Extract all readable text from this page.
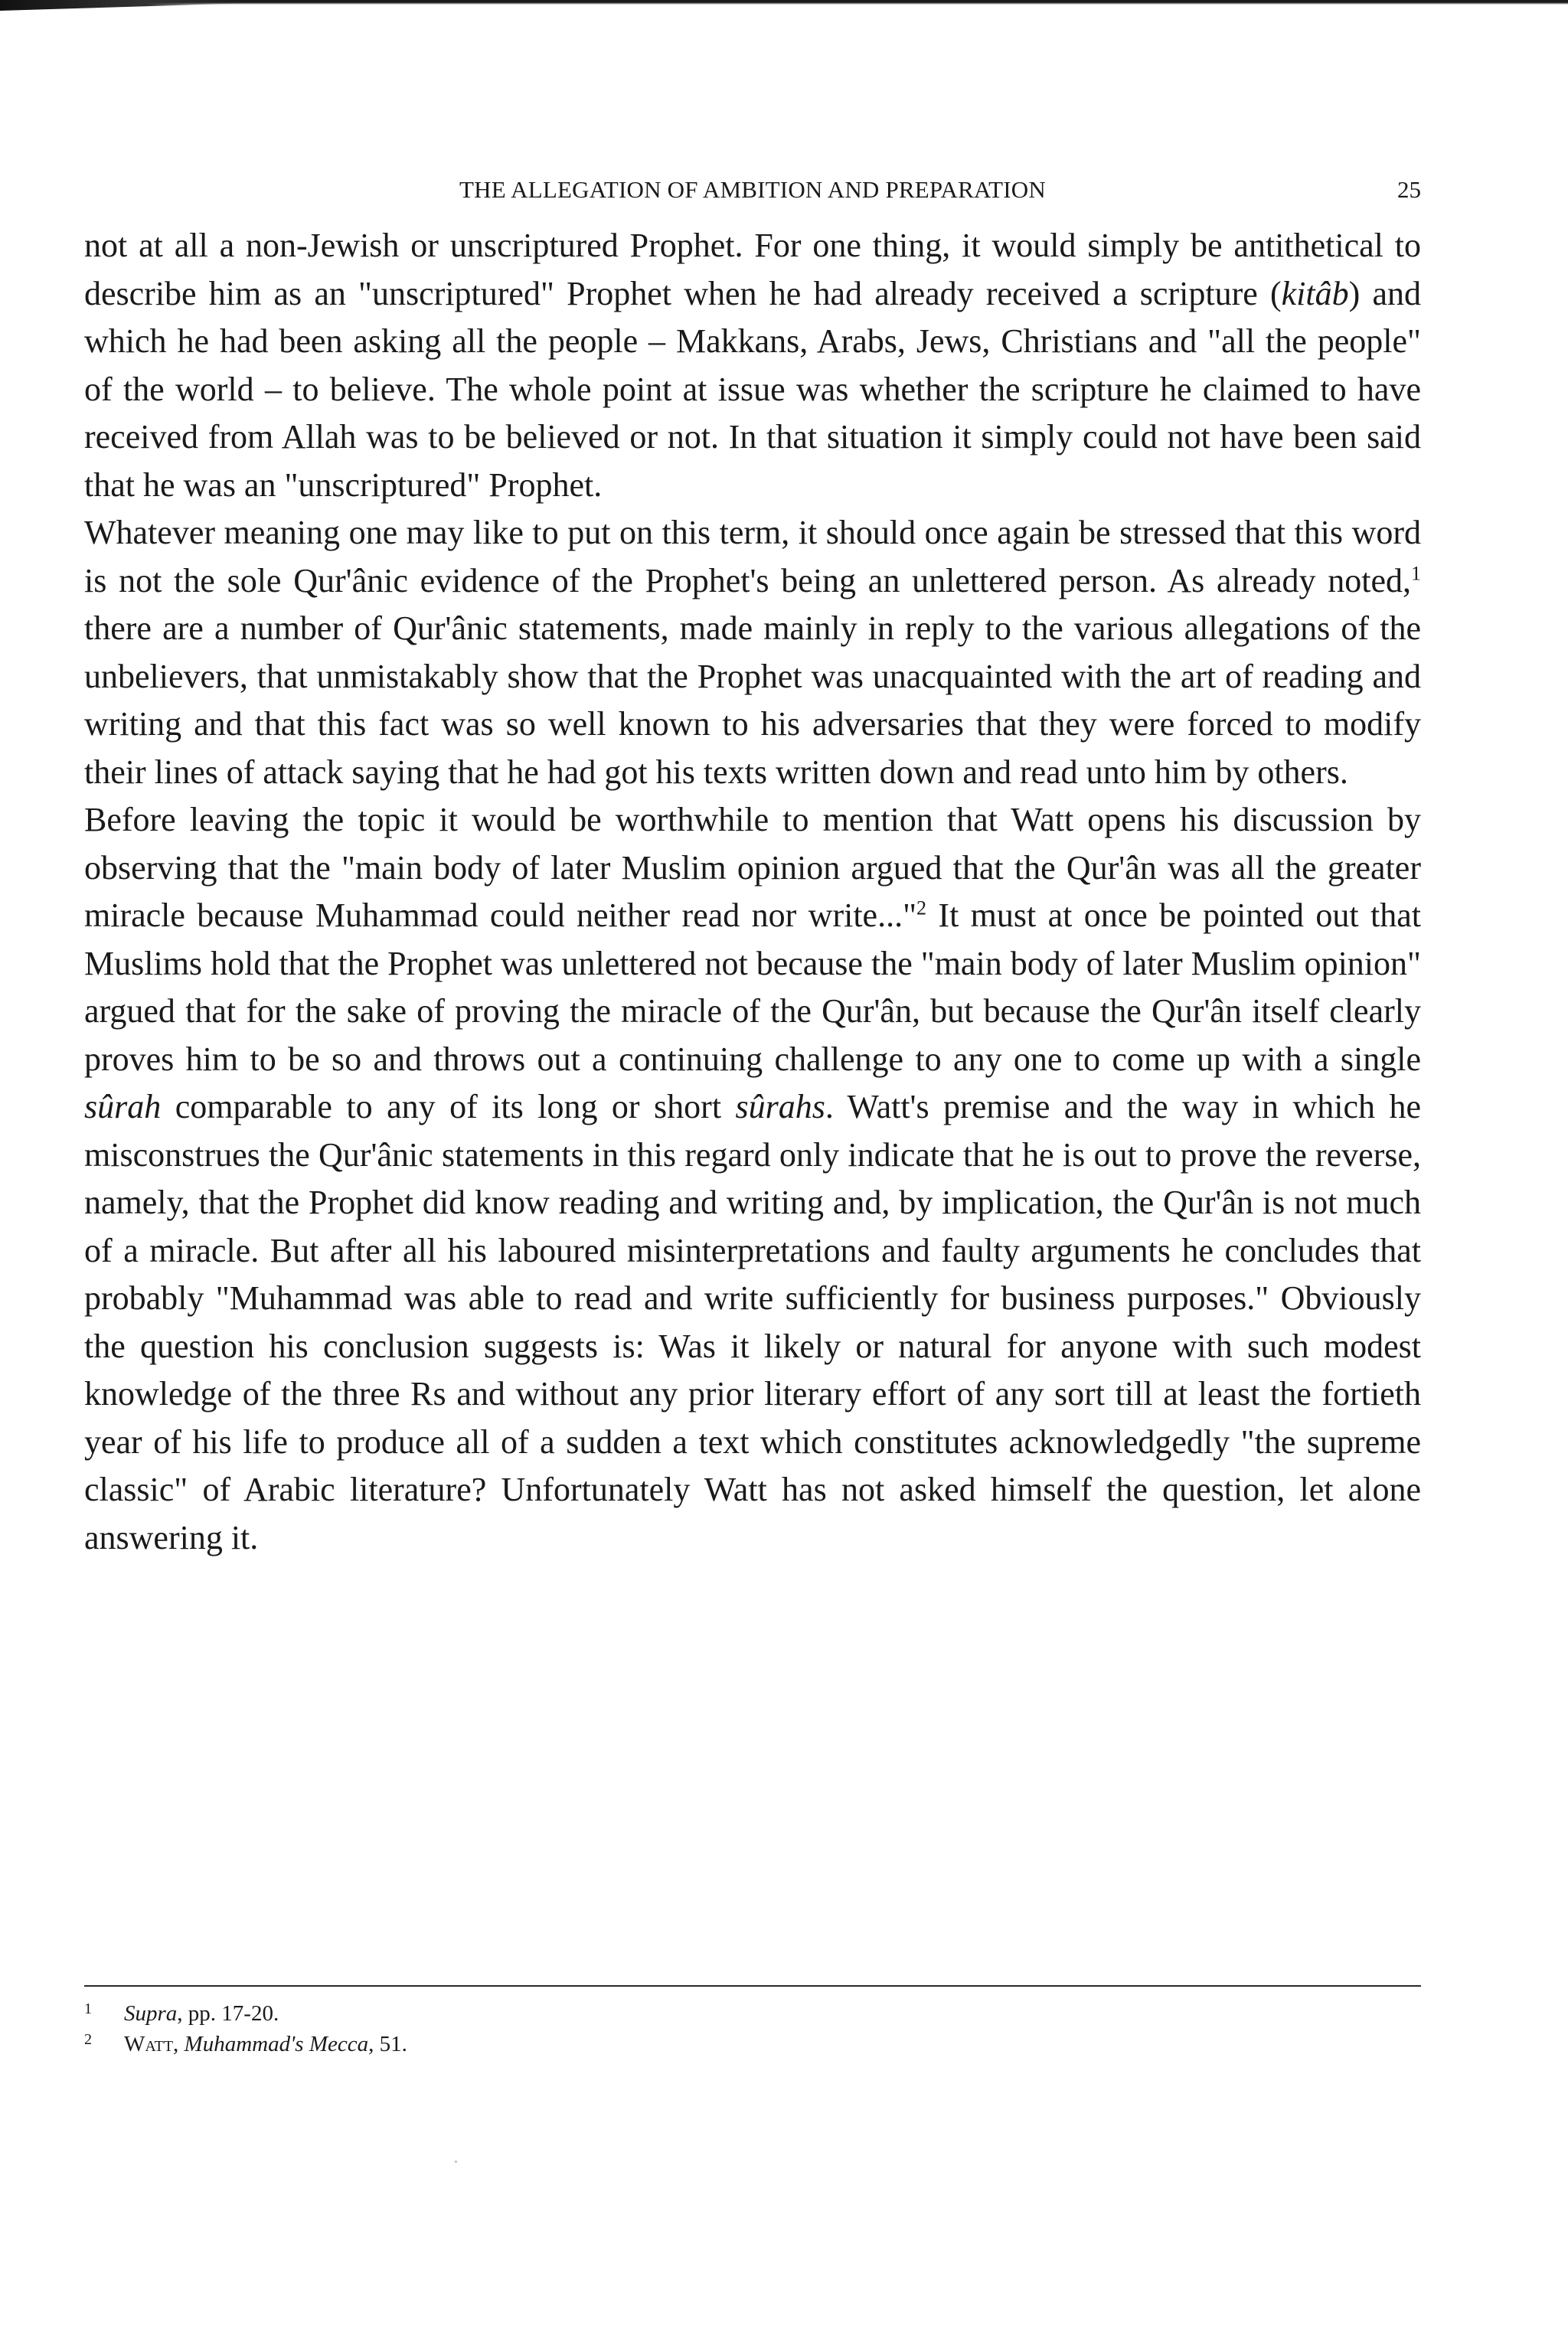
THE ALLEGATION OF AMBITION AND PREPARATION	25

not at all a non-Jewish or unscriptured Prophet. For one thing, it would simply be antithetical to describe him as an "unscriptured" Prophet when he had already received a scripture (kitâb) and which he had been asking all the people – Makkans, Arabs, Jews, Christians and "all the people" of the world – to believe. The whole point at issue was whether the scripture he claimed to have received from Allah was to be believed or not. In that situation it simply could not have been said that he was an "unscriptured" Prophet.

Whatever meaning one may like to put on this term, it should once again be stressed that this word is not the sole Qur'ânic evidence of the Prophet's being an unlettered person. As already noted,$^1$ there are a number of Qur'ânic statements, made mainly in reply to the various allegations of the unbelievers, that unmistakably show that the Prophet was unacquainted with the art of reading and writing and that this fact was so well known to his adversaries that they were forced to modify their lines of attack saying that he had got his texts written down and read unto him by others.

Before leaving the topic it would be worthwhile to mention that Watt opens his discussion by observing that the "main body of later Muslim opinion argued that the Qur'ân was all the greater miracle because Muhammad could neither read nor write..."$^2$ It must at once be pointed out that Muslims hold that the Prophet was unlettered not because the "main body of later Muslim opinion" argued that for the sake of proving the miracle of the Qur'ân, but because the Qur'ân itself clearly proves him to be so and throws out a continuing challenge to any one to come up with a single sûrah comparable to any of its long or short sûrahs. Watt's premise and the way in which he misconstrues the Qur'ânic statements in this regard only indicate that he is out to prove the reverse, namely, that the Prophet did know reading and writing and, by implication, the Qur'ân is not much of a miracle. But after all his laboured misinterpretations and faulty arguments he concludes that probably "Muhammad was able to read and write sufficiently for business purposes." Obviously the question his conclusion suggests is: Was it likely or natural for anyone with such modest knowledge of the three Rs and without any prior literary effort of any sort till at least the fortieth year of his life to produce all of a sudden a text which constitutes acknowledgedly "the supreme classic" of Arabic literature? Unfortunately Watt has not asked himself the question, let alone answering it.

1 Supra, pp. 17-20.
2 Watt, Muhammad's Mecca, 51.
